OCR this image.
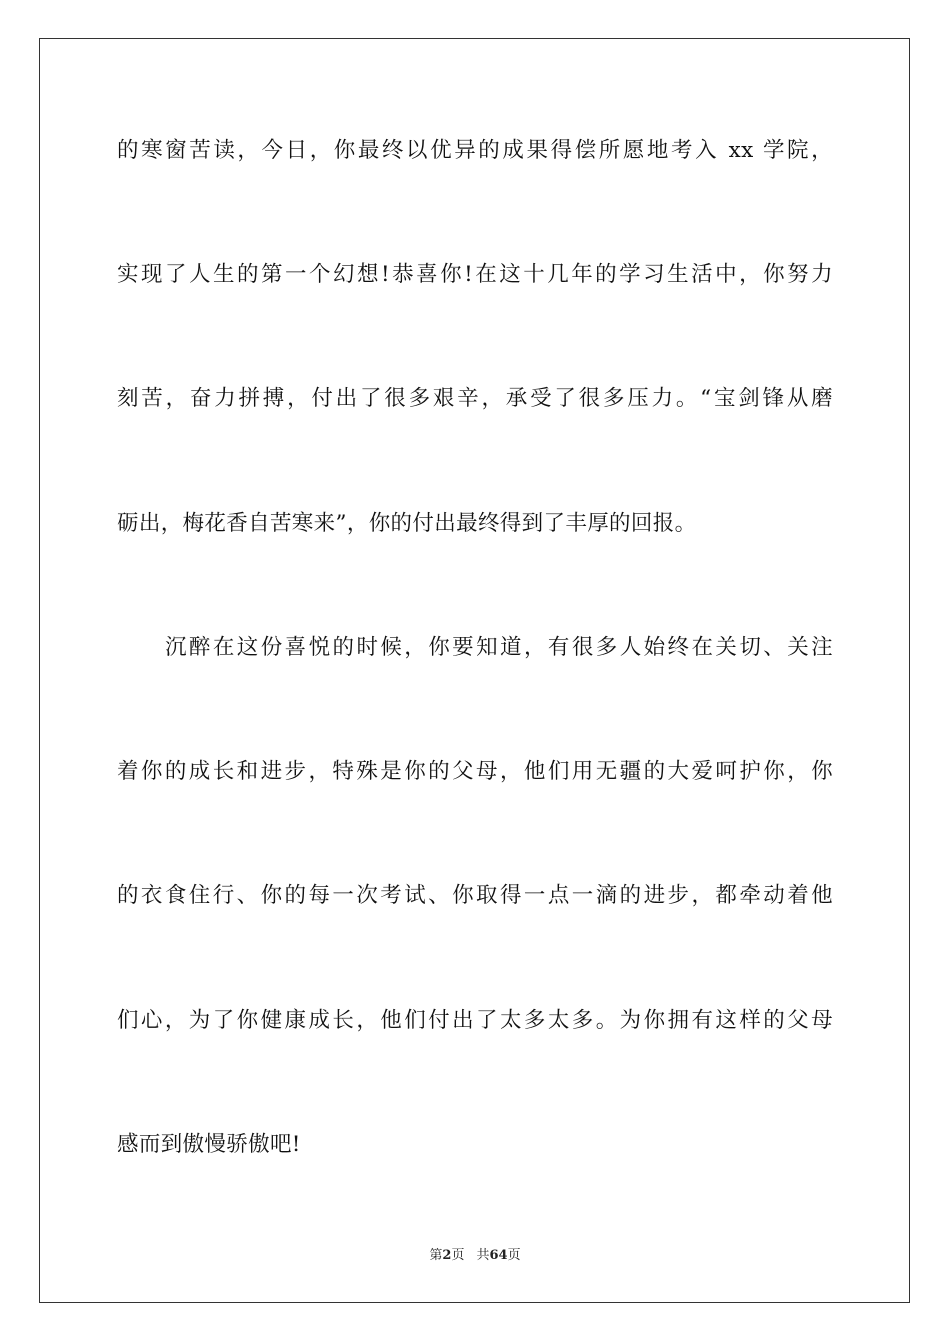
的寒窗苦读，今日，你最终以优异的成果得偿所愿地考入 xx 学院，
实现了人生的第一个幻想!恭喜你!在这十几年的学习生活中，你努力
刻苦，奋力拼搏，付出了很多艰辛，承受了很多压力。“宝剑锋从磨
砺出，梅花香自苦寒来”，你的付出最终得到了丰厚的回报。
沉醉在这份喜悦的时候，你要知道，有很多人始终在关切、关注
着你的成长和进步，特殊是你的父母，他们用无疆的大爱呵护你，你
的衣食住行、你的每一次考试、你取得一点一滴的进步，都牵动着他
们心，为了你健康成长，他们付出了太多太多。为你拥有这样的父母
感而到傲慢骄傲吧!
第2页 共64页
